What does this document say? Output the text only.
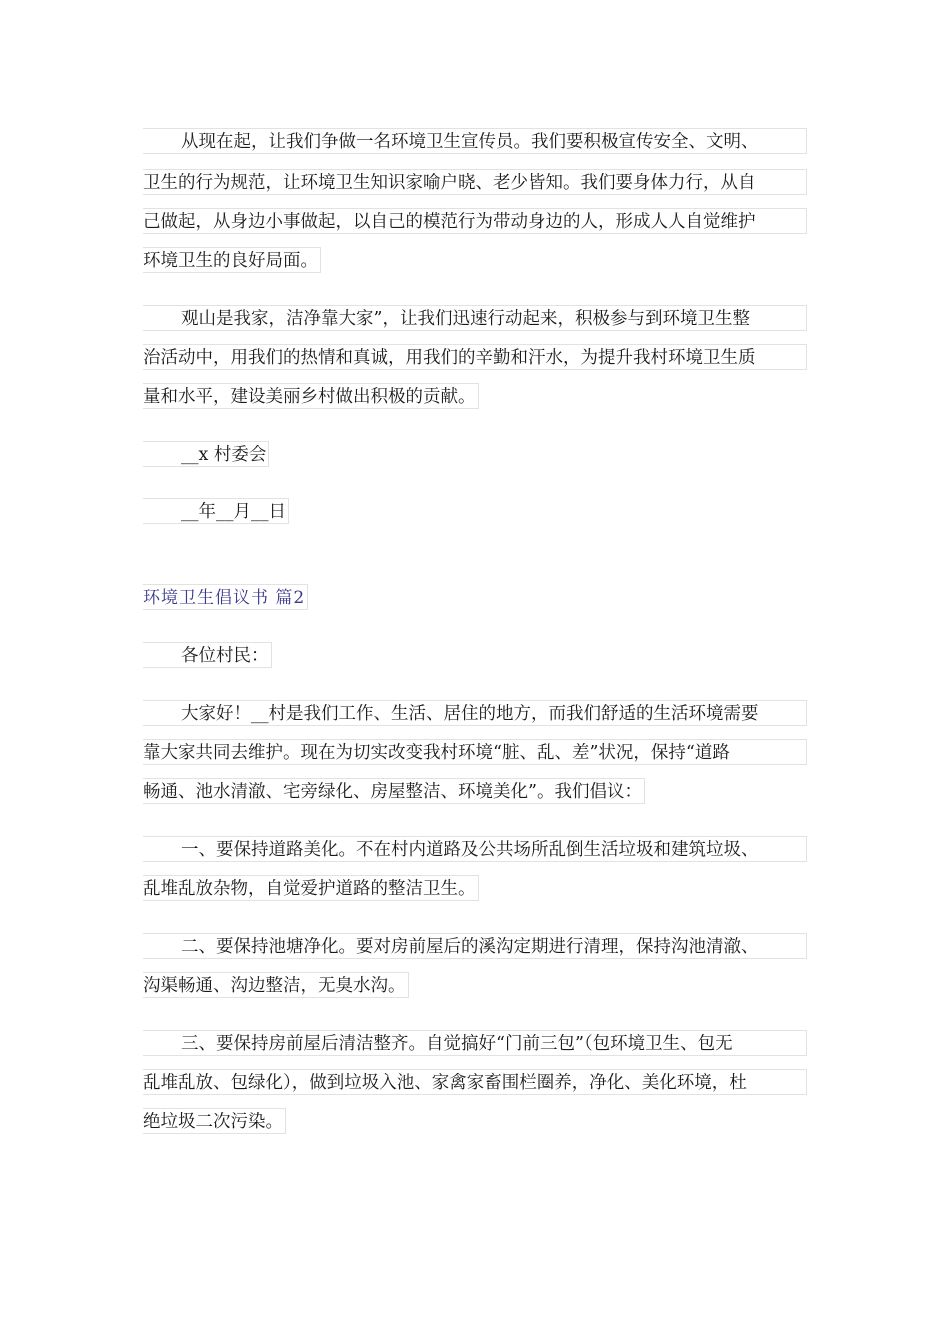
从现在起，让我们争做一名环境卫生宣传员。我们要积极宣传安全、文明、
卫生的行为规范，让环境卫生知识家喻户晓、老少皆知。我们要身体力行，从自
己做起，从身边小事做起，以自己的模范行为带动身边的人，形成人人自觉维护
环境卫生的良好局面。
观山是我家，洁净靠大家”，让我们迅速行动起来，积极参与到环境卫生整
治活动中，用我们的热情和真诚，用我们的辛勤和汗水，为提升我村环境卫生质
量和水平，建设美丽乡村做出积极的贡献。
__x 村委会
__年__月__日
环境卫生倡议书 篇2
各位村民：
大家好！__村是我们工作、生活、居住的地方，而我们舒适的生活环境需要
靠大家共同去维护。现在为切实改变我村环境“脏、乱、差”状况，保持“道路
畅通、池水清澈、宅旁绿化、房屋整洁、环境美化”。我们倡议：
一、要保持道路美化。不在村内道路及公共场所乱倒生活垃圾和建筑垃圾、
乱堆乱放杂物，自觉爱护道路的整洁卫生。
二、要保持池塘净化。要对房前屋后的溪沟定期进行清理，保持沟池清澈、
沟渠畅通、沟边整洁，无臭水沟。
三、要保持房前屋后清洁整齐。自觉搞好“门前三包”（包环境卫生、包无
乱堆乱放、包绿化），做到垃圾入池、家禽家畜围栏圈养，净化、美化环境，杜
绝垃圾二次污染。
